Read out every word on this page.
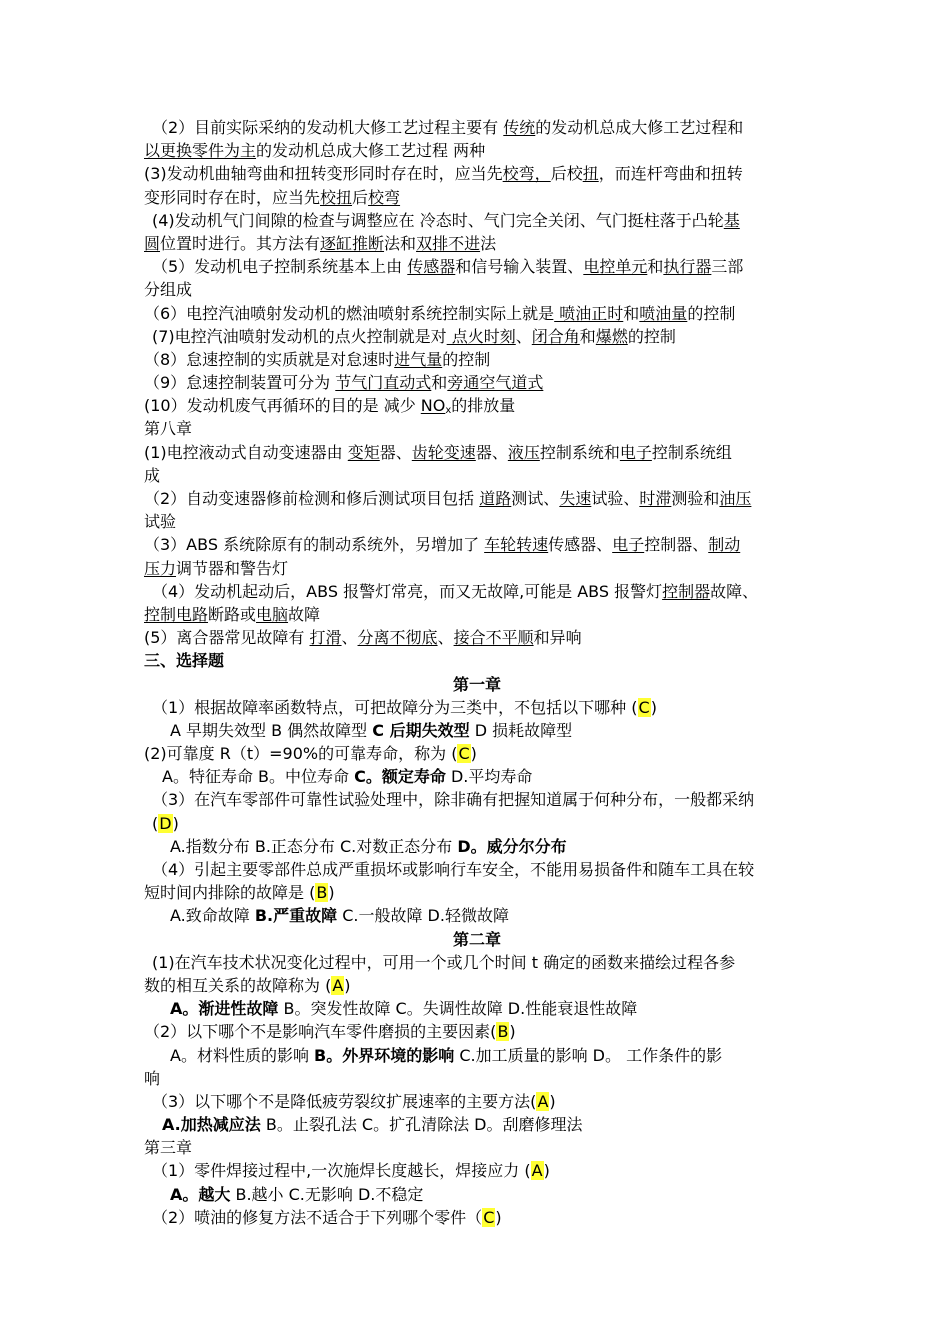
（2）目前实际采纳的发动机大修工艺过程主要有 传统的发动机总成大修工艺过程和
以更换零件为主的发动机总成大修工艺过程 两种
(3)发动机曲轴弯曲和扭转变形同时存在时，应当先校弯，后校扭，而连杆弯曲和扭转
变形同时存在时，应当先校扭后校弯
(4)发动机气门间隙的检查与调整应在 冷态时、气门完全关闭、气门挺柱落于凸轮基
圆位置时进行。其方法有逐缸推断法和双排不进法
（5）发动机电子控制系统基本上由 传感器和信号输入装置、电控单元和执行器三部
分组成
（6）电控汽油喷射发动机的燃油喷射系统控制实际上就是 喷油正时和喷油量的控制
(7)电控汽油喷射发动机的点火控制就是对 点火时刻、闭合角和爆燃的控制
（8）怠速控制的实质就是对怠速时进气量的控制
（9）怠速控制装置可分为 节气门直动式和旁通空气道式
(10）发动机废气再循环的目的是 减少 $NO_x$的排放量
第八章
(1)电控液动式自动变速器由 变矩器、齿轮变速器、液压控制系统和电子控制系统组
成
（2）自动变速器修前检测和修后测试项目包括 道路测试、失速试验、时滞测验和油压
试验
（3）ABS 系统除原有的制动系统外，另增加了 车轮转速传感器、电子控制器、制动
压力调节器和警告灯
（4）发动机起动后，ABS 报警灯常亮，而又无故障,可能是 ABS 报警灯控制器故障、
控制电路断路或电脑故障
(5）离合器常见故障有 打滑、分离不彻底、接合不平顺和异响
三、选择题
第一章
（1）根据故障率函数特点，可把故障分为三类中，不包括以下哪种 (C)
A 早期失效型 B 偶然故障型 C 后期失效型 D 损耗故障型
(2)可靠度 R（t）=90%的可靠寿命，称为 (C)
A。特征寿命 B。中位寿命 C。额定寿命 D.平均寿命
（3）在汽车零部件可靠性试验处理中，除非确有把握知道属于何种分布，一般都采纳
(D)
A.指数分布 B.正态分布 C.对数正态分布 D。威分尔分布
（4）引起主要零部件总成严重损坏或影响行车安全，不能用易损备件和随车工具在较
短时间内排除的故障是 (B)
A.致命故障 B.严重故障 C.一般故障 D.轻微故障
第二章
(1)在汽车技术状况变化过程中，可用一个或几个时间 t 确定的函数来描绘过程各参
数的相互关系的故障称为 (A)
A。渐进性故障 B。突发性故障 C。失调性故障 D.性能衰退性故障
（2）以下哪个不是影响汽车零件磨损的主要因素(B)
A。材料性质的影响 B。外界环境的影响 C.加工质量的影响 D。 工作条件的影
响
（3）以下哪个不是降低疲劳裂纹扩展速率的主要方法(A)
A.加热减应法 B。止裂孔法 C。扩孔清除法 D。刮磨修理法
第三章
（1）零件焊接过程中,一次施焊长度越长，焊接应力 (A)
A。越大 B.越小 C.无影响 D.不稳定
（2）喷油的修复方法不适合于下列哪个零件（C)
